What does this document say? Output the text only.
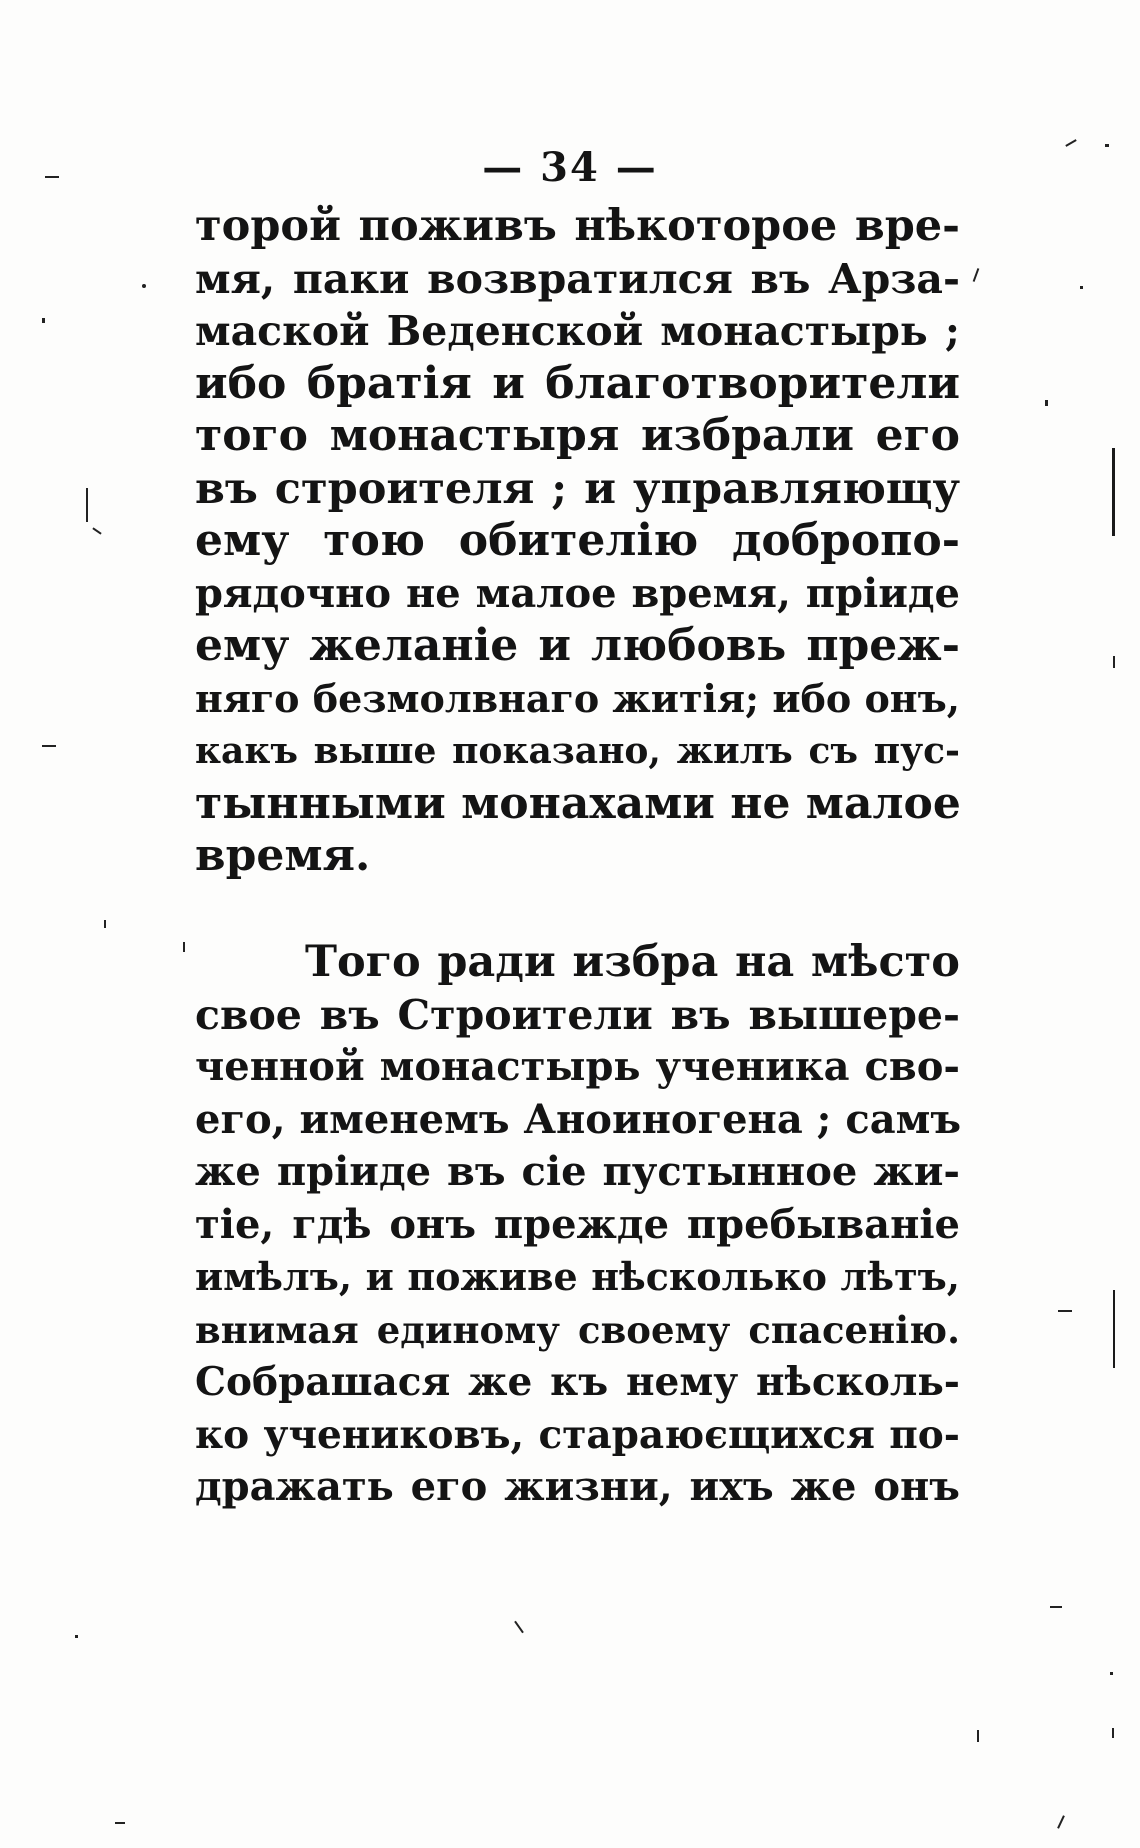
— 34 —
торой поживъ нѣкоторое вре-
мя, паки возвратился въ Арза-
маской Веденской монастырь ;
ибо братія и благотворители
того монастыря избрали его
въ строителя ; и управляющу
ему тою обителію добропо-
рядочно не малое время, пріиде
ему желаніе и любовь преж-
няго безмолвнаго житія; ибо онъ,
какъ выше показано, жилъ съ пус-
тынными монахами не малое
время.
Того ради избра на мѣсто
свое въ Строители въ вышере-
ченной монастырь ученика сво-
его, именемъ Аноиногена ; самъ
же пріиде въ сіе пустынное жи-
тіе, гдѣ онъ прежде пребываніе
имѣлъ, и поживе нѣсколько лѣтъ,
внимая единому своему спасенію.
Собрашася же къ нему нѣсколь-
ко учениковъ, стараюєщихся по-
дражать его жизни, ихъ же онъ
